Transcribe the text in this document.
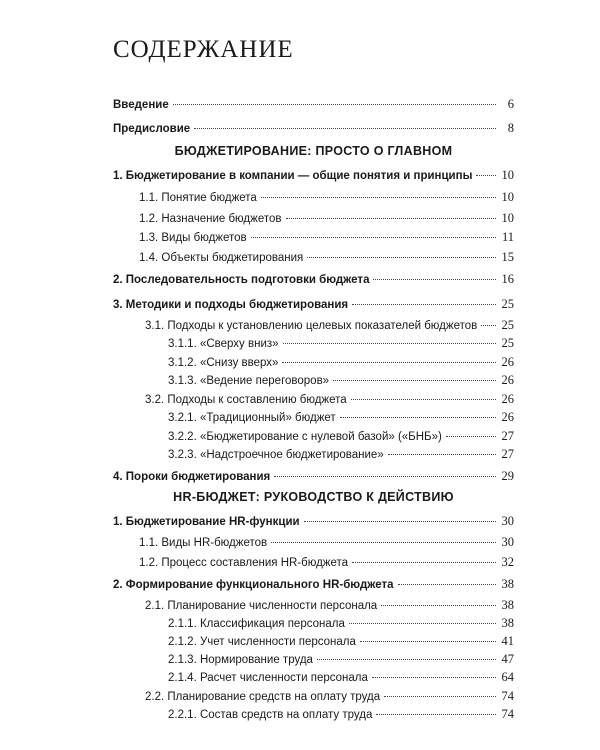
СОДЕРЖАНИЕ
Введение	6
Предисловие	8
БЮДЖЕТИРОВАНИЕ: ПРОСТО О ГЛАВНОМ
1. Бюджетирование в компании — общие понятия и принципы 10
1.1. Понятие бюджета	10
1.2. Назначение бюджетов	10
1.3. Виды бюджетов	11
1.4. Объекты бюджетирования	15
2. Последовательность подготовки бюджета	16
3. Методики и подходы бюджетирования	25
3.1. Подходы к установлению целевых показателей бюджетов 25
3.1.1. «Сверху вниз»	25
3.1.2. «Снизу вверх»	26
3.1.3. «Ведение переговоров»	26
3.2. Подходы к составлению бюджета	26
3.2.1. «Традиционный» бюджет	26
3.2.2. «Бюджетирование с нулевой базой» («БНБ»)	27
3.2.3. «Надстроечное бюджетирование»	27
4. Пороки бюджетирования	29
HR-БЮДЖЕТ: РУКОВОДСТВО К ДЕЙСТВИЮ
1. Бюджетирование HR-функции	30
1.1. Виды HR-бюджетов	30
1.2. Процесс составления HR-бюджета	32
2. Формирование функционального HR-бюджета	38
2.1. Планирование численности персонала	38
2.1.1. Классификация персонала	38
2.1.2. Учет численности персонала	41
2.1.3. Нормирование труда	47
2.1.4. Расчет численности персонала	64
2.2. Планирование средств на оплату труда	74
2.2.1. Состав средств на оплату труда	74
